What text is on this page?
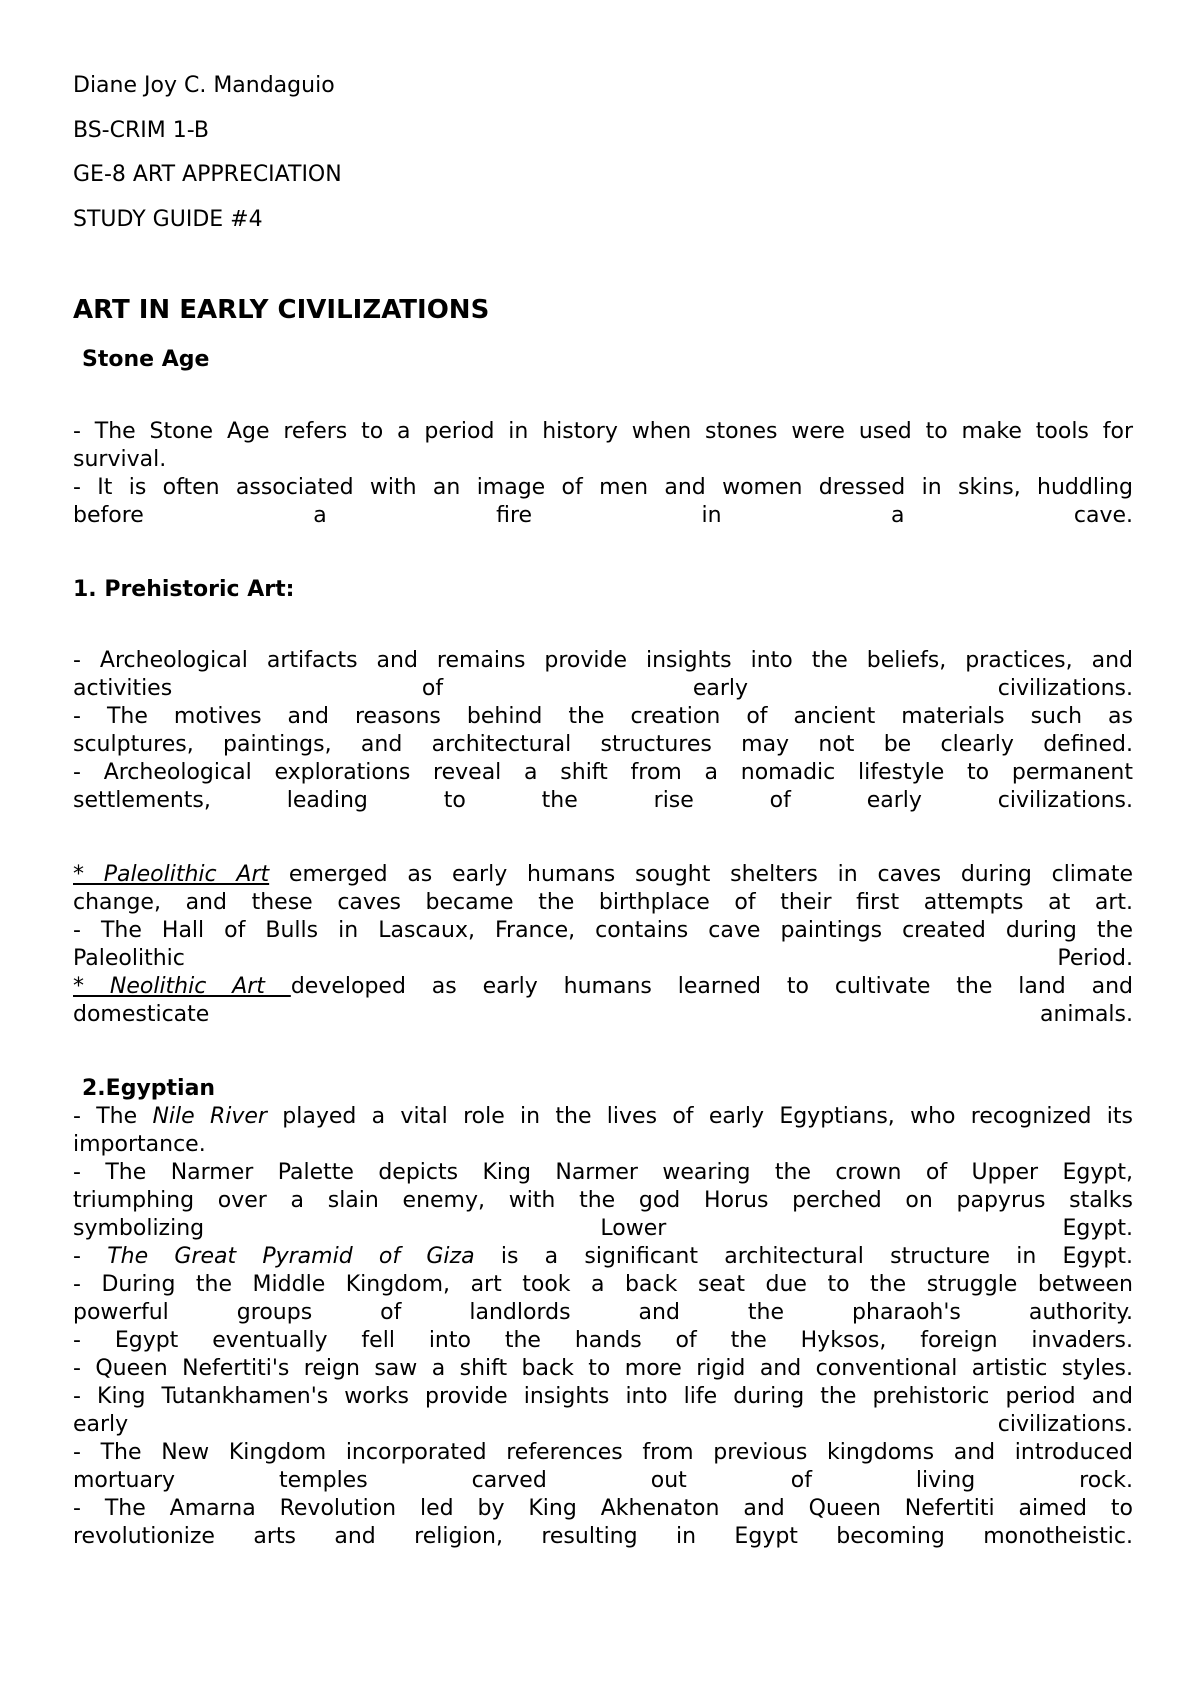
Diane Joy C. Mandaguio
BS-CRIM 1-B
GE-8 ART APPRECIATION
STUDY GUIDE #4
ART IN EARLY CIVILIZATIONS
Stone Age
- The Stone Age refers to a period in history when stones were used to make tools for
survival.
- It is often associated with an image of men and women dressed in skins, huddling
before a fire in a cave.
1. Prehistoric Art:
- Archeological artifacts and remains provide insights into the beliefs, practices, and
activities of early civilizations.
- The motives and reasons behind the creation of ancient materials such as
sculptures, paintings, and architectural structures may not be clearly defined.
- Archeological explorations reveal a shift from a nomadic lifestyle to permanent
settlements, leading to the rise of early civilizations.
* Paleolithic Art emerged as early humans sought shelters in caves during climate
change, and these caves became the birthplace of their first attempts at art.
- The Hall of Bulls in Lascaux, France, contains cave paintings created during the
Paleolithic Period.
* Neolithic Art developed as early humans learned to cultivate the land and
domesticate animals.
2.Egyptian
- The Nile River played a vital role in the lives of early Egyptians, who recognized its
importance.
- The Narmer Palette depicts King Narmer wearing the crown of Upper Egypt,
triumphing over a slain enemy, with the god Horus perched on papyrus stalks
symbolizing Lower Egypt.
- The Great Pyramid of Giza is a significant architectural structure in Egypt.
- During the Middle Kingdom, art took a back seat due to the struggle between
powerful groups of landlords and the pharaoh's authority.
- Egypt eventually fell into the hands of the Hyksos, foreign invaders.
- Queen Nefertiti's reign saw a shift back to more rigid and conventional artistic styles.
- King Tutankhamen's works provide insights into life during the prehistoric period and
early civilizations.
- The New Kingdom incorporated references from previous kingdoms and introduced
mortuary temples carved out of living rock.
- The Amarna Revolution led by King Akhenaton and Queen Nefertiti aimed to
revolutionize arts and religion, resulting in Egypt becoming monotheistic.
